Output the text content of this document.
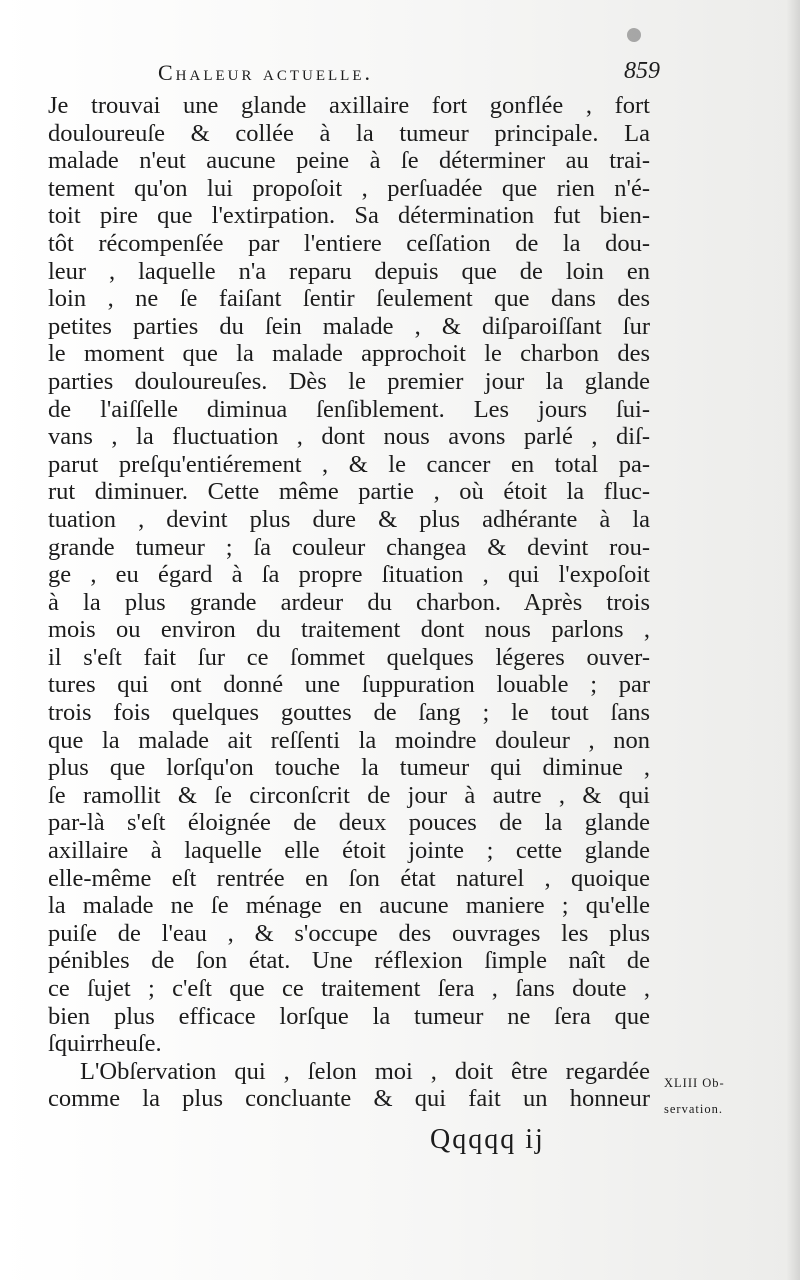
Chaleur actuelle.	859
Je trouvai une glande axillaire fort gonflée , fort
douloureuſe & collée à la tumeur principale. La
malade n'eut aucune peine à ſe déterminer au trai-
tement qu'on lui propoſoit , perſuadée que rien n'é-
toit pire que l'extirpation. Sa détermination fut bien-
tôt récompenſée par l'entiere ceſſation de la dou-
leur , laquelle n'a reparu depuis que de loin en
loin , ne ſe faiſant ſentir ſeulement que dans des
petites parties du ſein malade , & diſparoiſſant ſur
le moment que la malade approchoit le charbon des
parties douloureuſes. Dès le premier jour la glande
de l'aiſſelle diminua ſenſiblement. Les jours ſui-
vans , la fluctuation , dont nous avons parlé , diſ-
parut preſqu'entiérement , & le cancer en total pa-
rut diminuer. Cette même partie , où étoit la fluc-
tuation , devint plus dure & plus adhérante à la
grande tumeur ; ſa couleur changea & devint rou-
ge , eu égard à ſa propre ſituation , qui l'expoſoit
à la plus grande ardeur du charbon. Après trois
mois ou environ du traitement dont nous parlons ,
il s'eſt fait ſur ce ſommet quelques légeres ouver-
tures qui ont donné une ſuppuration louable ; par
trois fois quelques gouttes de ſang ; le tout ſans
que la malade ait reſſenti la moindre douleur , non
plus que lorſqu'on touche la tumeur qui diminue ,
ſe ramollit & ſe circonſcrit de jour à autre , & qui
par-là s'eſt éloignée de deux pouces de la glande
axillaire à laquelle elle étoit jointe ; cette glande
elle-même eſt rentrée en ſon état naturel , quoique
la malade ne ſe ménage en aucune maniere ; qu'elle
puiſe de l'eau , & s'occupe des ouvrages les plus
pénibles de ſon état. Une réflexion ſimple naît de
ce ſujet ; c'eſt que ce traitement ſera , ſans doute ,
bien plus efficace lorſque la tumeur ne ſera que
ſquirrheuſe.
L'Obſervation qui , ſelon moi , doit être regardée
comme la plus concluante & qui fait un honneur
XLIII Ob-
servation.
Qqqqq ij
